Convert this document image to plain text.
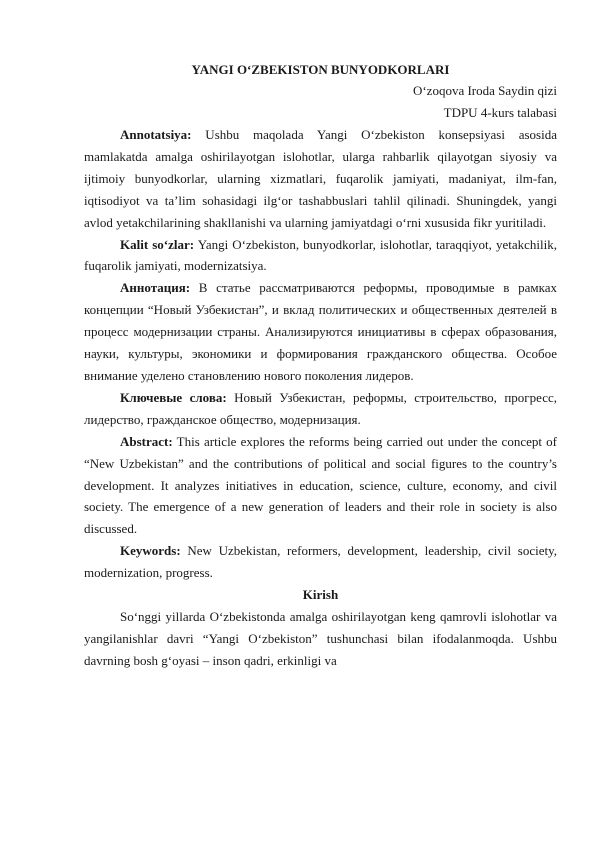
YANGI O‘ZBEKISTON BUNYODKORLARI

O‘zoqova Iroda Saydin qizi

TDPU 4-kurs talabasi

Annotatsiya: Ushbu maqolada Yangi O‘zbekiston konsepsiyasi asosida mamlakatda amalga oshirilayotgan islohotlar, ularga rahbarlik qilayotgan siyosiy va ijtimoiy bunyodkorlar, ularning xizmatlari, fuqarolik jamiyati, madaniyat, ilm-fan, iqtisodiyot va ta’lim sohasidagi ilg‘or tashabbuslari tahlil qilinadi. Shuningdek, yangi avlod yetakchilarining shakllanishi va ularning jamiyatdagi o‘rni xususida fikr yuritiladi.

Kalit so‘zlar: Yangi O‘zbekiston, bunyodkorlar, islohotlar, taraqqiyot, yetakchilik, fuqarolik jamiyati, modernizatsiya.

Аннотация: В статье рассматриваются реформы, проводимые в рамках концепции “Новый Узбекистан”, и вклад политических и общественных деятелей в процесс модернизации страны. Анализируются инициативы в сферах образования, науки, культуры, экономики и формирования гражданского общества. Особое внимание уделено становлению нового поколения лидеров.

Ключевые слова: Новый Узбекистан, реформы, строительство, прогресс, лидерство, гражданское общество, модернизация.

Abstract: This article explores the reforms being carried out under the concept of “New Uzbekistan” and the contributions of political and social figures to the country’s development. It analyzes initiatives in education, science, culture, economy, and civil society. The emergence of a new generation of leaders and their role in society is also discussed.

Keywords: New Uzbekistan, reformers, development, leadership, civil society, modernization, progress.

Kirish

So‘nggi yillarda O‘zbekistonda amalga oshirilayotgan keng qamrovli islohotlar va yangilanishlar davri “Yangi O‘zbekiston” tushunchasi bilan ifodalanmoqda. Ushbu davrning bosh g‘oyasi – inson qadri, erkinligi va
